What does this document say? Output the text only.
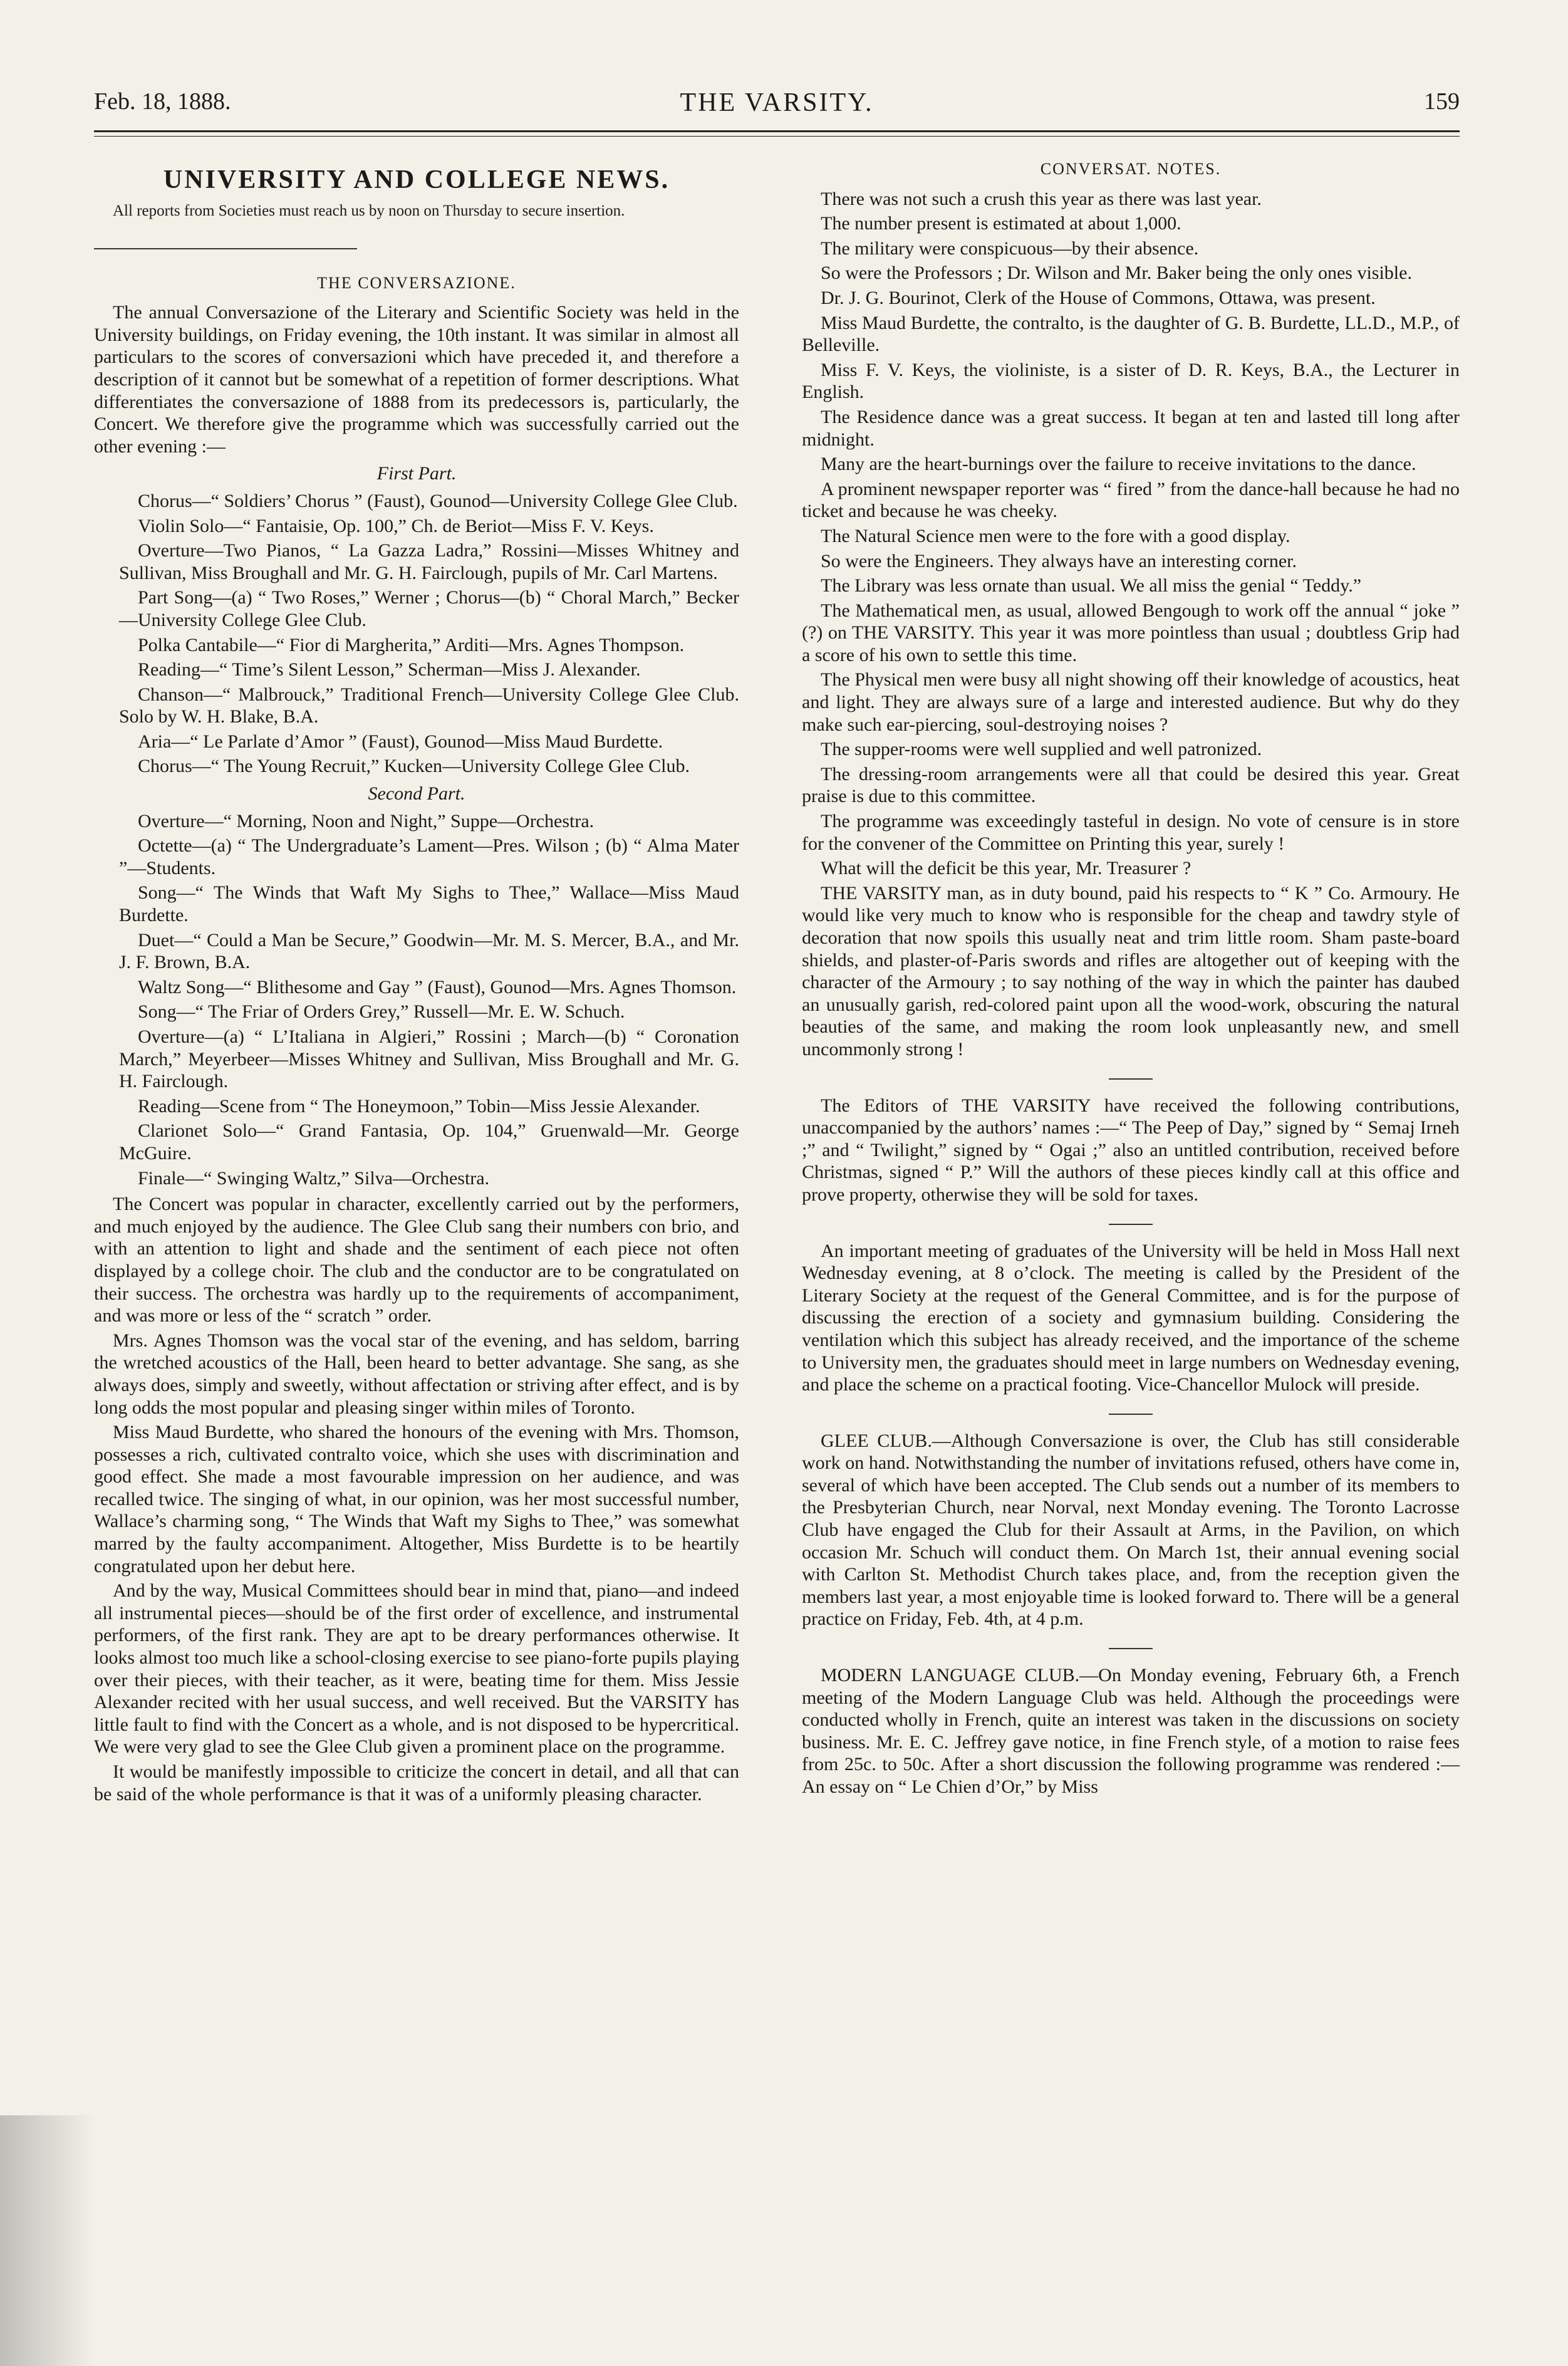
Feb. 18, 1888.	THE VARSITY.	159
UNIVERSITY AND COLLEGE NEWS.

All reports from Societies must reach us by noon on Thursday to secure insertion.

THE CONVERSAZIONE.

The annual Conversazione of the Literary and Scientific Society was held in the University buildings, on Friday evening, the 10th instant. It was similar in almost all particulars to the scores of conversazioni which have preceded it, and therefore a description of it cannot but be somewhat of a repetition of former descriptions. What differentiates the conversazione of 1888 from its predecessors is, particularly, the Concert. We therefore give the programme which was successfully carried out the other evening :—

First Part.

Chorus—“ Soldiers’ Chorus ” (Faust), Gounod—University College Glee Club.

Violin Solo—“ Fantaisie, Op. 100,” Ch. de Beriot—Miss F. V. Keys.

Overture—Two Pianos, “ La Gazza Ladra,” Rossini—Misses Whitney and Sullivan, Miss Broughall and Mr. G. H. Fairclough, pupils of Mr. Carl Martens.

Part Song—(a) “ Two Roses,” Werner ; Chorus—(b) “ Choral March,” Becker—University College Glee Club.

Polka Cantabile—“ Fior di Margherita,” Arditi—Mrs. Agnes Thompson.

Reading—“ Time’s Silent Lesson,” Scherman—Miss J. Alexander.

Chanson—“ Malbrouck,” Traditional French—University College Glee Club. Solo by W. H. Blake, B.A.

Aria—“ Le Parlate d’Amor ” (Faust), Gounod—Miss Maud Burdette.

Chorus—“ The Young Recruit,” Kucken—University College Glee Club.

Second Part.

Overture—“ Morning, Noon and Night,” Suppe—Orchestra.

Octette—(a) “ The Undergraduate’s Lament—Pres. Wilson ; (b) “ Alma Mater ”—Students.

Song—“ The Winds that Waft My Sighs to Thee,” Wallace—Miss Maud Burdette.

Duet—“ Could a Man be Secure,” Goodwin—Mr. M. S. Mercer, B.A., and Mr. J. F. Brown, B.A.

Waltz Song—“ Blithesome and Gay ” (Faust), Gounod—Mrs. Agnes Thomson.

Song—“ The Friar of Orders Grey,” Russell—Mr. E. W. Schuch.

Overture—(a) “ L’Italiana in Algieri,” Rossini ; March—(b) “ Coronation March,” Meyerbeer—Misses Whitney and Sullivan, Miss Broughall and Mr. G. H. Fairclough.

Reading—Scene from “ The Honeymoon,” Tobin—Miss Jessie Alexander.

Clarionet Solo—“ Grand Fantasia, Op. 104,” Gruenwald—Mr. George McGuire.

Finale—“ Swinging Waltz,” Silva—Orchestra.

The Concert was popular in character, excellently carried out by the performers, and much enjoyed by the audience. The Glee Club sang their numbers con brio, and with an attention to light and shade and the sentiment of each piece not often displayed by a college choir. The club and the conductor are to be congratulated on their success. The orchestra was hardly up to the requirements of accompaniment, and was more or less of the “ scratch ” order.

Mrs. Agnes Thomson was the vocal star of the evening, and has seldom, barring the wretched acoustics of the Hall, been heard to better advantage. She sang, as she always does, simply and sweetly, without affectation or striving after effect, and is by long odds the most popular and pleasing singer within miles of Toronto.

Miss Maud Burdette, who shared the honours of the evening with Mrs. Thomson, possesses a rich, cultivated contralto voice, which she uses with discrimination and good effect. She made a most favourable impression on her audience, and was recalled twice. The singing of what, in our opinion, was her most successful number, Wallace’s charming song, “ The Winds that Waft my Sighs to Thee,” was somewhat marred by the faulty accompaniment. Altogether, Miss Burdette is to be heartily congratulated upon her debut here.

And by the way, Musical Committees should bear in mind that, piano—and indeed all instrumental pieces—should be of the first order of excellence, and instrumental performers, of the first rank. They are apt to be dreary performances otherwise. It looks almost too much like a school-closing exercise to see piano-forte pupils playing over their pieces, with their teacher, as it were, beating time for them. Miss Jessie Alexander recited with her usual success, and well received. But the VARSITY has little fault to find with the Concert as a whole, and is not disposed to be hypercritical. We were very glad to see the Glee Club given a prominent place on the programme.

It would be manifestly impossible to criticize the concert in detail, and all that can be said of the whole performance is that it was of a uniformly pleasing character.

CONVERSAT. NOTES.

There was not such a crush this year as there was last year.

The number present is estimated at about 1,000.

The military were conspicuous—by their absence.

So were the Professors ; Dr. Wilson and Mr. Baker being the only ones visible.

Dr. J. G. Bourinot, Clerk of the House of Commons, Ottawa, was present.

Miss Maud Burdette, the contralto, is the daughter of G. B. Burdette, LL.D., M.P., of Belleville.

Miss F. V. Keys, the violiniste, is a sister of D. R. Keys, B.A., the Lecturer in English.

The Residence dance was a great success. It began at ten and lasted till long after midnight.

Many are the heart-burnings over the failure to receive invitations to the dance.

A prominent newspaper reporter was “ fired ” from the dance-hall because he had no ticket and because he was cheeky.

The Natural Science men were to the fore with a good display.

So were the Engineers. They always have an interesting corner.

The Library was less ornate than usual. We all miss the genial “ Teddy.”

The Mathematical men, as usual, allowed Bengough to work off the annual “ joke ” (?) on THE VARSITY. This year it was more pointless than usual ; doubtless Grip had a score of his own to settle this time.

The Physical men were busy all night showing off their knowledge of acoustics, heat and light. They are always sure of a large and interested audience. But why do they make such ear-piercing, soul-destroying noises ?

The supper-rooms were well supplied and well patronized.

The dressing-room arrangements were all that could be desired this year. Great praise is due to this committee.

The programme was exceedingly tasteful in design. No vote of censure is in store for the convener of the Committee on Printing this year, surely !

What will the deficit be this year, Mr. Treasurer ?

THE VARSITY man, as in duty bound, paid his respects to “ K ” Co. Armoury. He would like very much to know who is responsible for the cheap and tawdry style of decoration that now spoils this usually neat and trim little room. Sham paste-board shields, and plaster-of-Paris swords and rifles are altogether out of keeping with the character of the Armoury ; to say nothing of the way in which the painter has daubed an unusually garish, red-colored paint upon all the wood-work, obscuring the natural beauties of the same, and making the room look unpleasantly new, and smell uncommonly strong !

The Editors of THE VARSITY have received the following contributions, unaccompanied by the authors’ names :—“ The Peep of Day,” signed by “ Semaj Irneh ;” and “ Twilight,” signed by “ Ogai ;” also an untitled contribution, received before Christmas, signed “ P.” Will the authors of these pieces kindly call at this office and prove property, otherwise they will be sold for taxes.

An important meeting of graduates of the University will be held in Moss Hall next Wednesday evening, at 8 o’clock. The meeting is called by the President of the Literary Society at the request of the General Committee, and is for the purpose of discussing the erection of a society and gymnasium building. Considering the ventilation which this subject has already received, and the importance of the scheme to University men, the graduates should meet in large numbers on Wednesday evening, and place the scheme on a practical footing. Vice-Chancellor Mulock will preside.

GLEE CLUB.—Although Conversazione is over, the Club has still considerable work on hand. Notwithstanding the number of invitations refused, others have come in, several of which have been accepted. The Club sends out a number of its members to the Presbyterian Church, near Norval, next Monday evening. The Toronto Lacrosse Club have engaged the Club for their Assault at Arms, in the Pavilion, on which occasion Mr. Schuch will conduct them. On March 1st, their annual evening social with Carlton St. Methodist Church takes place, and, from the reception given the members last year, a most enjoyable time is looked forward to. There will be a general practice on Friday, Feb. 4th, at 4 p.m.

MODERN LANGUAGE CLUB.—On Monday evening, February 6th, a French meeting of the Modern Language Club was held. Although the proceedings were conducted wholly in French, quite an interest was taken in the discussions on society business. Mr. E. C. Jeffrey gave notice, in fine French style, of a motion to raise fees from 25c. to 50c. After a short discussion the following programme was rendered :—An essay on “ Le Chien d’Or,” by Miss
